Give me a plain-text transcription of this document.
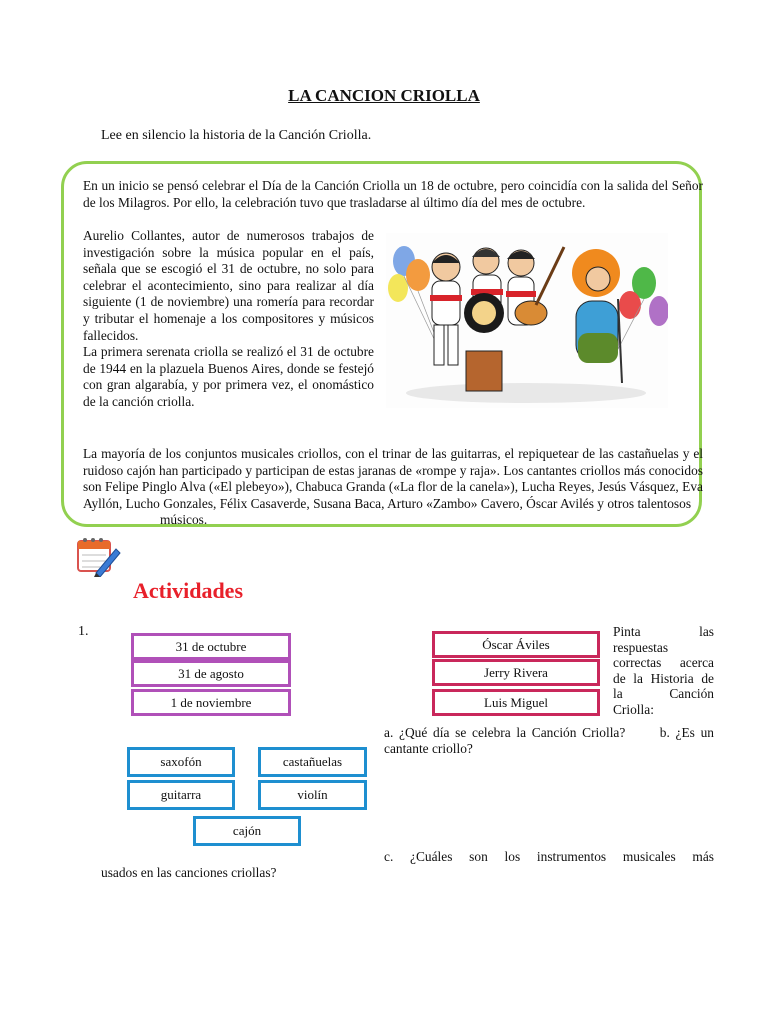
LA CANCION CRIOLLA
Lee en silencio la historia de la Canción Criolla.

En un inicio se pensó celebrar el Día de la Canción Criolla un 18 de octubre, pero coincidía con la salida del Señor de los Milagros. Por ello, la celebración tuvo que trasladarse al último día del mes de octubre.

Aurelio Collantes, autor de numerosos trabajos de investigación sobre la música popular en el país, señala que se escogió el 31 de octubre, no solo para celebrar el acontecimiento, sino para realizar al día siguiente (1 de noviembre) una romería para recordar y tributar el homenaje a los compositores y músicos fallecidos.
La primera serenata criolla se realizó el 31 de octubre de 1944 en la plazuela Buenos Aires, donde se festejó con gran algarabía, y por primera vez, el onomástico de la canción criolla.

La mayoría de los conjuntos musicales criollos, con el trinar de las guitarras, el repiquetear de las castañuelas y el ruidoso cajón han participado y participan de estas jaranas de «rompe y raja». Los cantantes criollos más conocidos son Felipe Pinglo Alva («El plebeyo»), Chabuca Granda («La flor de la canela»), Lucha Reyes, Jesús Vásquez, Eva Ayllón, Lucho Gonzales, Félix Casaverde, Susana Baca, Arturo «Zambo» Cavero, Óscar Avilés y otros talentosos
músicos.

Actividades
1.
31 de octubre
31 de agosto
1 de noviembre
Óscar Áviles
Jerry Rivera
Luis Miguel
Pinta las respuestas correctas acerca de la Historia de la Canción Criolla:
a. ¿Qué día se celebra la Canción Criolla?	b. ¿Es un cantante criollo?
saxofón	castañuelas
guitarra	violín
cajón
c. ¿Cuáles son los instrumentos musicales más
usados en las canciones criollas?
